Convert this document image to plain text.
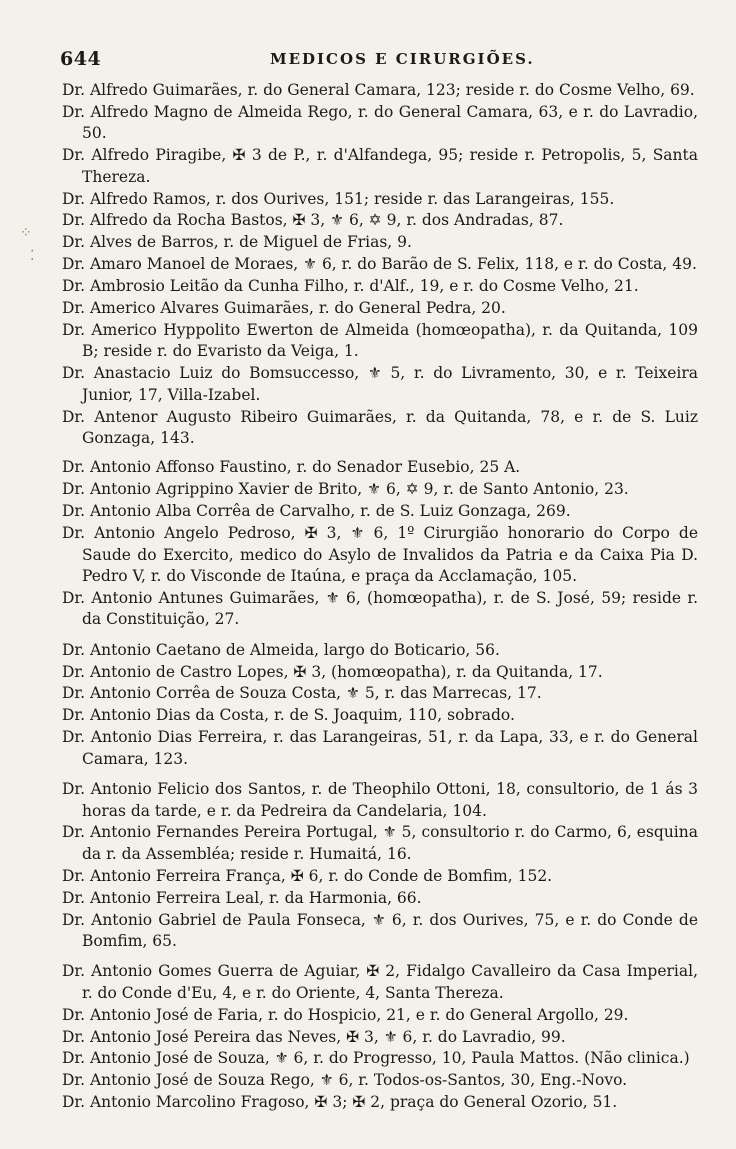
644	MEDICOS E CIRURGIÕES.
⁘
⁚

Dr. Alfredo Guimarães, r. do General Camara, 123; reside r. do Cosme Velho, 69.

Dr. Alfredo Magno de Almeida Rego, r. do General Camara, 63, e r. do Lavradio, 50.

Dr. Alfredo Piragibe, ✠ 3 de P., r. d'Alfandega, 95; reside r. Petropolis, 5, Santa Thereza.

Dr. Alfredo Ramos, r. dos Ourives, 151; reside r. das Larangeiras, 155.

Dr. Alfredo da Rocha Bastos, ✠ 3, ⚜ 6, ✡ 9, r. dos Andradas, 87.

Dr. Alves de Barros, r. de Miguel de Frias, 9.

Dr. Amaro Manoel de Moraes, ⚜ 6, r. do Barão de S. Felix, 118, e r. do Costa, 49.

Dr. Ambrosio Leitão da Cunha Filho, r. d'Alf., 19, e r. do Cosme Velho, 21.

Dr. Americo Alvares Guimarães, r. do General Pedra, 20.

Dr. Americo Hyppolito Ewerton de Almeida (homœopatha), r. da Quitanda, 109 B; reside r. do Evaristo da Veiga, 1.

Dr. Anastacio Luiz do Bomsuccesso, ⚜ 5, r. do Livramento, 30, e r. Teixeira Junior, 17, Villa-Izabel.

Dr. Antenor Augusto Ribeiro Guimarães, r. da Quitanda, 78, e r. de S. Luiz Gonzaga, 143.

Dr. Antonio Affonso Faustino, r. do Senador Eusebio, 25 A.

Dr. Antonio Agrippino Xavier de Brito, ⚜ 6, ✡ 9, r. de Santo Antonio, 23.

Dr. Antonio Alba Corrêa de Carvalho, r. de S. Luiz Gonzaga, 269.

Dr. Antonio Angelo Pedroso, ✠ 3, ⚜ 6, 1º Cirurgião honorario do Corpo de Saude do Exercito, medico do Asylo de Invalidos da Patria e da Caixa Pia D. Pedro V, r. do Visconde de Itaúna, e praça da Acclamação, 105.

Dr. Antonio Antunes Guimarães, ⚜ 6, (homœopatha), r. de S. José, 59; reside r. da Constituição, 27.

Dr. Antonio Caetano de Almeida, largo do Boticario, 56.

Dr. Antonio de Castro Lopes, ✠ 3, (homœopatha), r. da Quitanda, 17.

Dr. Antonio Corrêa de Souza Costa, ⚜ 5, r. das Marrecas, 17.

Dr. Antonio Dias da Costa, r. de S. Joaquim, 110, sobrado.

Dr. Antonio Dias Ferreira, r. das Larangeiras, 51, r. da Lapa, 33, e r. do General Camara, 123.

Dr. Antonio Felicio dos Santos, r. de Theophilo Ottoni, 18, consultorio, de 1 ás 3 horas da tarde, e r. da Pedreira da Candelaria, 104.

Dr. Antonio Fernandes Pereira Portugal, ⚜ 5, consultorio r. do Carmo, 6, esquina da r. da Assembléa; reside r. Humaitá, 16.

Dr. Antonio Ferreira França, ✠ 6, r. do Conde de Bomfim, 152.

Dr. Antonio Ferreira Leal, r. da Harmonia, 66.

Dr. Antonio Gabriel de Paula Fonseca, ⚜ 6, r. dos Ourives, 75, e r. do Conde de Bomfim, 65.

Dr. Antonio Gomes Guerra de Aguiar, ✠ 2, Fidalgo Cavalleiro da Casa Imperial, r. do Conde d'Eu, 4, e r. do Oriente, 4, Santa Thereza.

Dr. Antonio José de Faria, r. do Hospicio, 21, e r. do General Argollo, 29.

Dr. Antonio José Pereira das Neves, ✠ 3, ⚜ 6, r. do Lavradio, 99.

Dr. Antonio José de Souza, ⚜ 6, r. do Progresso, 10, Paula Mattos. (Não clinica.)

Dr. Antonio José de Souza Rego, ⚜ 6, r. Todos-os-Santos, 30, Eng.-Novo.

Dr. Antonio Marcolino Fragoso, ✠ 3; ✠ 2, praça do General Ozorio, 51.
